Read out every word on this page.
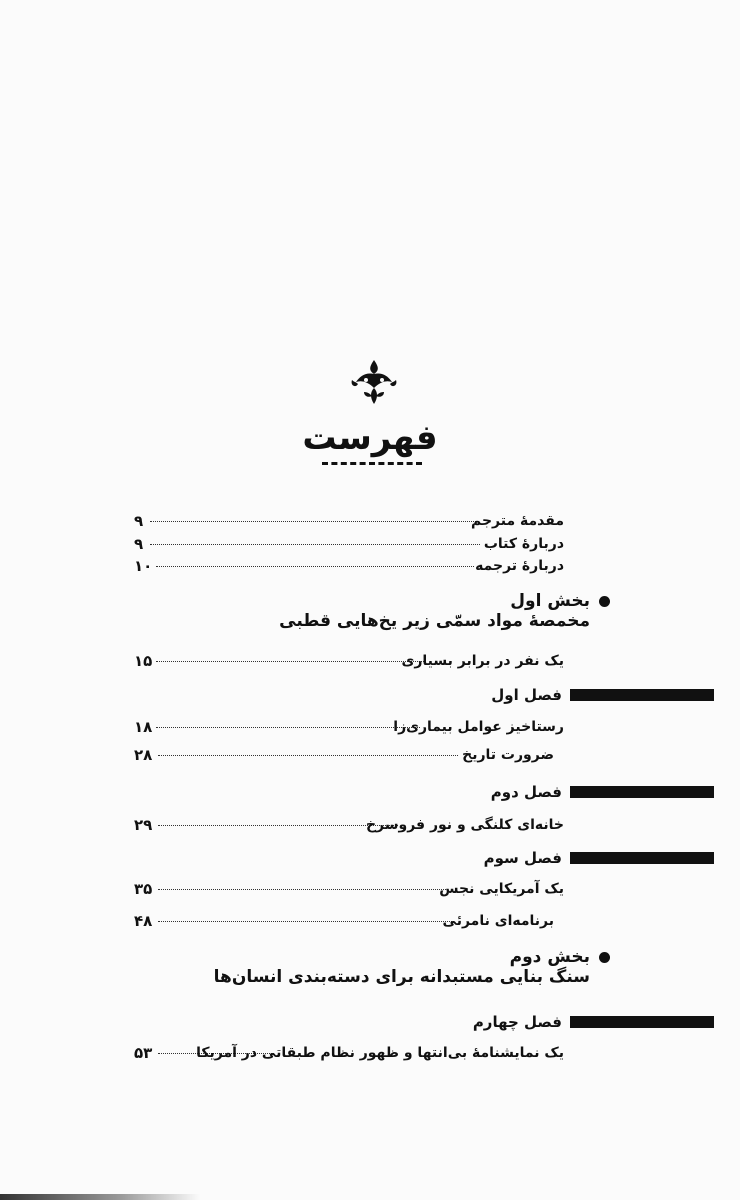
فهرست
۹	مقدمهٔ مترجم
۹	دربارهٔ کتاب
۱۰	دربارهٔ ترجمه
بخش اول
مخمصهٔ مواد سمّی زیر یخ‌هایی قطبی
۱۵	یک نفر در برابر بسیاری
فصل اول
۱۸	رستاخیز عوامل بیماری‌زا
۲۸	ضرورت تاریخ
فصل دوم
۲۹	خانه‌ای کلنگی و نور فروسرخ
فصل سوم
۳۵	یک آمریکایی نجس
۴۸	برنامه‌ای نامرئی
بخش دوم
سنگ بنایی مستبدانه برای دسته‌بندی انسان‌ها
فصل چهارم
۵۳	یک نمایشنامهٔ بی‌انتها و ظهور نظام طبقاتی در آمریکا
